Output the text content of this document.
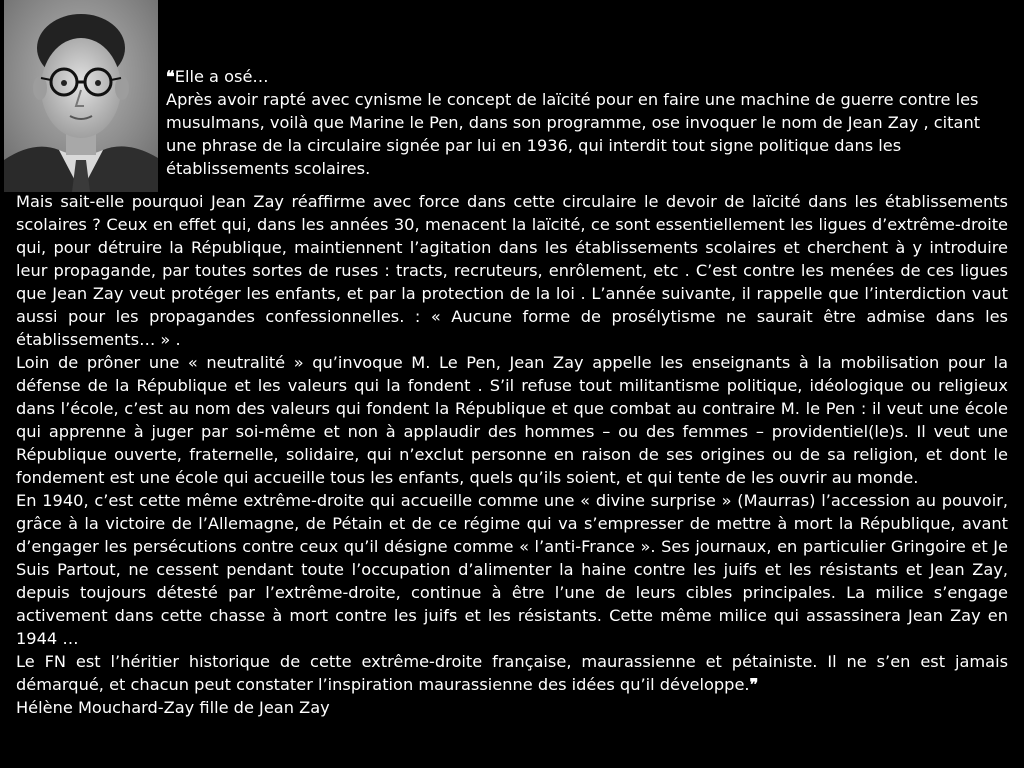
❝Elle a osé…

Après avoir rapté avec cynisme le concept de laïcité pour en faire une machine de guerre contre les musulmans, voilà que Marine le Pen, dans son programme, ose invoquer le nom de Jean Zay , citant une phrase de la circulaire signée par lui en 1936, qui interdit tout signe politique dans les établissements scolaires.

Mais sait-elle pourquoi Jean Zay réaffirme avec force dans cette circulaire le devoir de laïcité dans les établissements scolaires ? Ceux en effet qui, dans les années 30, menacent la laïcité, ce sont essentiellement les ligues d’extrême-droite qui, pour détruire la République, maintiennent l’agitation dans les établissements scolaires et cherchent à y introduire leur propagande, par toutes sortes de ruses : tracts, recruteurs, enrôlement, etc . C’est contre les menées de ces ligues que Jean Zay veut protéger les enfants, et par la protection de la loi . L’année suivante, il rappelle que l’interdiction vaut aussi pour les propagandes confessionnelles. : « Aucune forme de prosélytisme ne saurait être admise dans les établissements… » .

Loin de prôner une « neutralité » qu’invoque M. Le Pen, Jean Zay appelle les enseignants à la mobilisation pour la défense de la République et les valeurs qui la fondent . S’il refuse tout militantisme politique, idéologique ou religieux dans l’école, c’est au nom des valeurs qui fondent la République et que combat au contraire M. le Pen : il veut une école qui apprenne à juger par soi-même et non à applaudir des hommes – ou des femmes – providentiel(le)s. Il veut une République ouverte, fraternelle, solidaire, qui n’exclut personne en raison de ses origines ou de sa religion, et dont le fondement est une école qui accueille tous les enfants, quels qu’ils soient, et qui tente de les ouvrir au monde.

En 1940, c’est cette même extrême-droite qui accueille comme une « divine surprise » (Maurras) l’accession au pouvoir, grâce à la victoire de l’Allemagne, de Pétain et de ce régime qui va s’empresser de mettre à mort la République, avant d’engager les persécutions contre ceux qu’il désigne comme « l’anti-France ». Ses journaux, en particulier Gringoire et Je Suis Partout, ne cessent pendant toute l’occupation d’alimenter la haine contre les juifs et les résistants et Jean Zay, depuis toujours détesté par l’extrême-droite, continue à être l’une de leurs cibles principales. La milice s’engage activement dans cette chasse à mort contre les juifs et les résistants. Cette même milice qui assassinera Jean Zay en 1944 …

Le FN est l’héritier historique de cette extrême-droite française, maurassienne et pétainiste. Il ne s’en est jamais démarqué, et chacun peut constater l’inspiration maurassienne des idées qu’il développe.❞

Hélène Mouchard-Zay fille de Jean Zay
